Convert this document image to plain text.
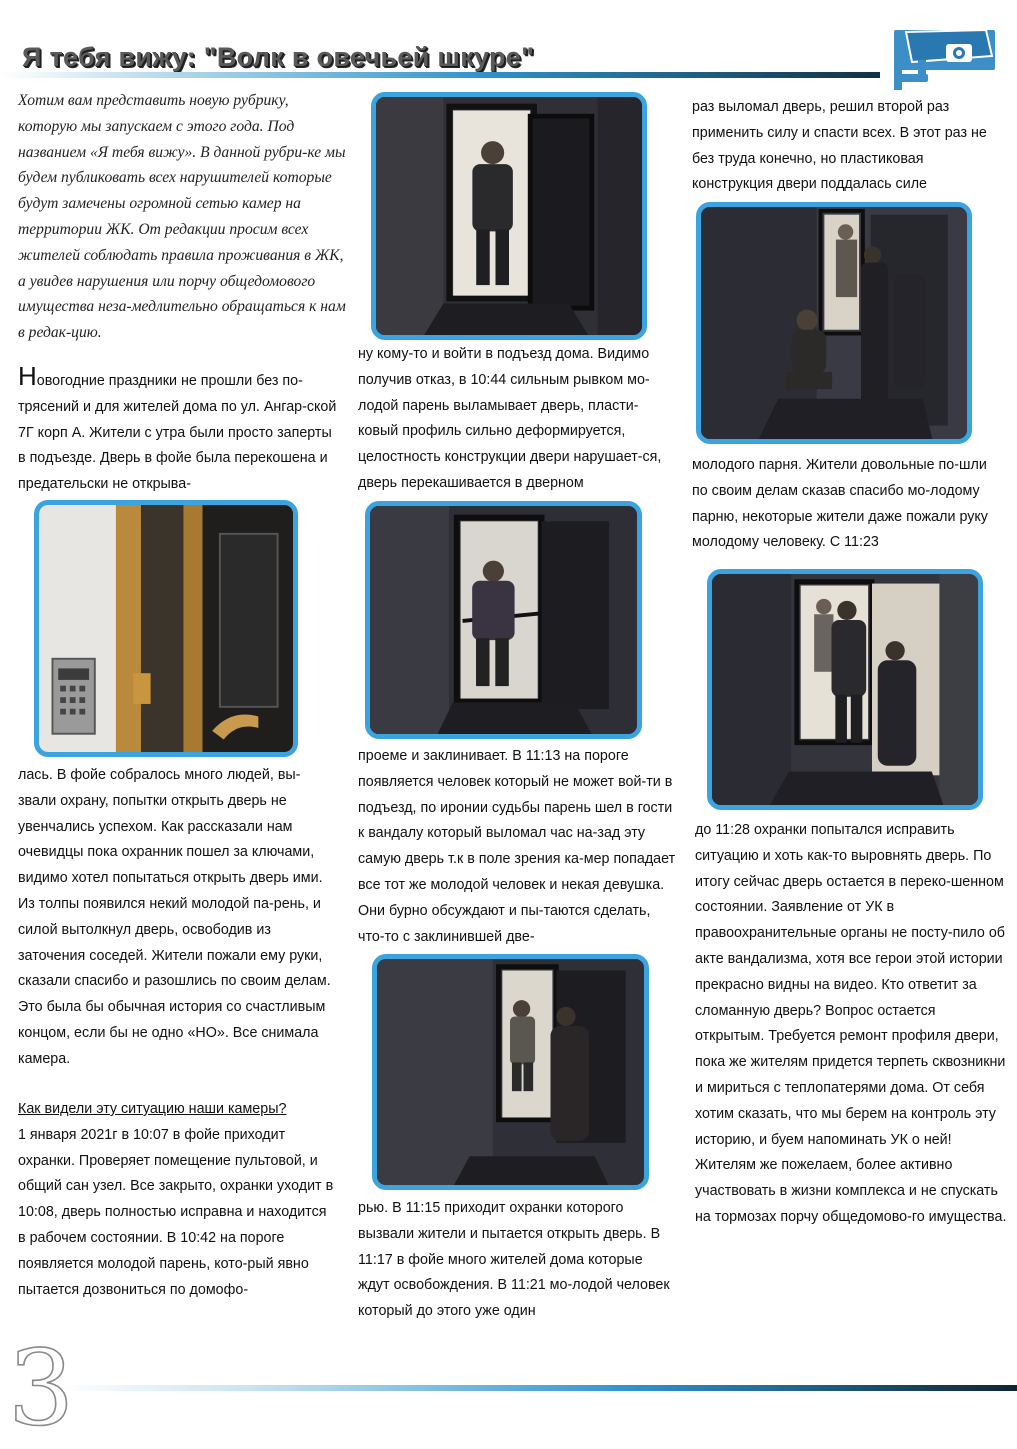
Я тебя вижу: "Волк в овечьей шкуре"

Хотим вам представить новую рубрику, которую мы запускаем с этого года. Под названием «Я тебя вижу». В данной рубри-ке мы будем публиковать всех нарушителей которые будут замечены огромной сетью камер на территории ЖК. От редакции просим всех жителей соблюдать правила проживания в ЖК, а увидев нарушения или порчу общедомового имущества неза-медлительно обращаться к нам в редак-цию.

Новогодние праздники не прошли без по-трясений и для жителей дома по ул. Ангар-ской 7Г корп А. Жители с утра были просто заперты в подъезде. Дверь в фойе была перекошена и предательски не открыва-

лась. В фойе собралось много людей, вы-звали охрану, попытки открыть дверь не увенчались успехом. Как рассказали нам очевидцы пока охранник пошел за ключами, видимо хотел попытаться открыть дверь ими. Из толпы появился некий молодой па-рень, и силой вытолкнул дверь, освободив из заточения соседей. Жители пожали ему руки, сказали спасибо и разошлись по своим делам. Это была бы обычная история со счастливым концом, если бы не одно «НО». Все снимала камера.

Как видели эту ситуацию наши камеры?
1 января 2021г в 10:07 в фойе приходит охранки. Проверяет помещение пультовой, и общий сан узел. Все закрыто, охранки уходит в 10:08, дверь полностью исправна и находится в рабочем состоянии. В 10:42 на пороге появляется молодой парень, кото-рый явно пытается дозвониться по домофо-

ну кому-то и войти в подъезд дома. Видимо получив отказ, в 10:44 сильным рывком мо-лодой парень выламывает дверь, пласти-ковый профиль сильно деформируется, целостность конструкции двери нарушает-ся, дверь перекашивается в дверном

проеме и заклинивает. В 11:13 на пороге появляется человек который не может вой-ти в подъезд, по иронии судьбы парень шел в гости к вандалу который выломал час на-зад эту самую дверь т.к в поле зрения ка-мер попадает все тот же молодой человек и некая девушка. Они бурно обсуждают и пы-таются сделать, что-то с заклинившей две-

рью. В 11:15 приходит охранки которого вызвали жители и пытается открыть дверь. В 11:17 в фойе много жителей дома которые ждут освобождения. В 11:21 мо-лодой человек который до этого уже один

раз выломал дверь, решил второй раз применить силу и спасти всех. В этот раз не без труда конечно, но пластиковая конструкция двери поддалась силе

молодого парня. Жители довольные по-шли по своим делам сказав спасибо мо-лодому парню, некоторые жители даже пожали руку молодому человеку. С 11:23

до 11:28 охранки попытался исправить ситуацию и хоть как-то выровнять дверь. По итогу сейчас дверь остается в переко-шенном состоянии. Заявление от УК в правоохранительные органы не посту-пило об акте вандализма, хотя все герои этой истории прекрасно видны на видео. Кто ответит за сломанную дверь? Вопрос остается открытым. Требуется ремонт профиля двери, пока же жителям придется терпеть сквозникни и мириться с теплопатерями дома. От себя хотим сказать, что мы берем на контроль эту историю, и буем напоминать УК о ней! Жителям же пожелаем, более активно участвовать в жизни комплекса и не спускать на тормозах порчу общедомово-го имущества.

3
